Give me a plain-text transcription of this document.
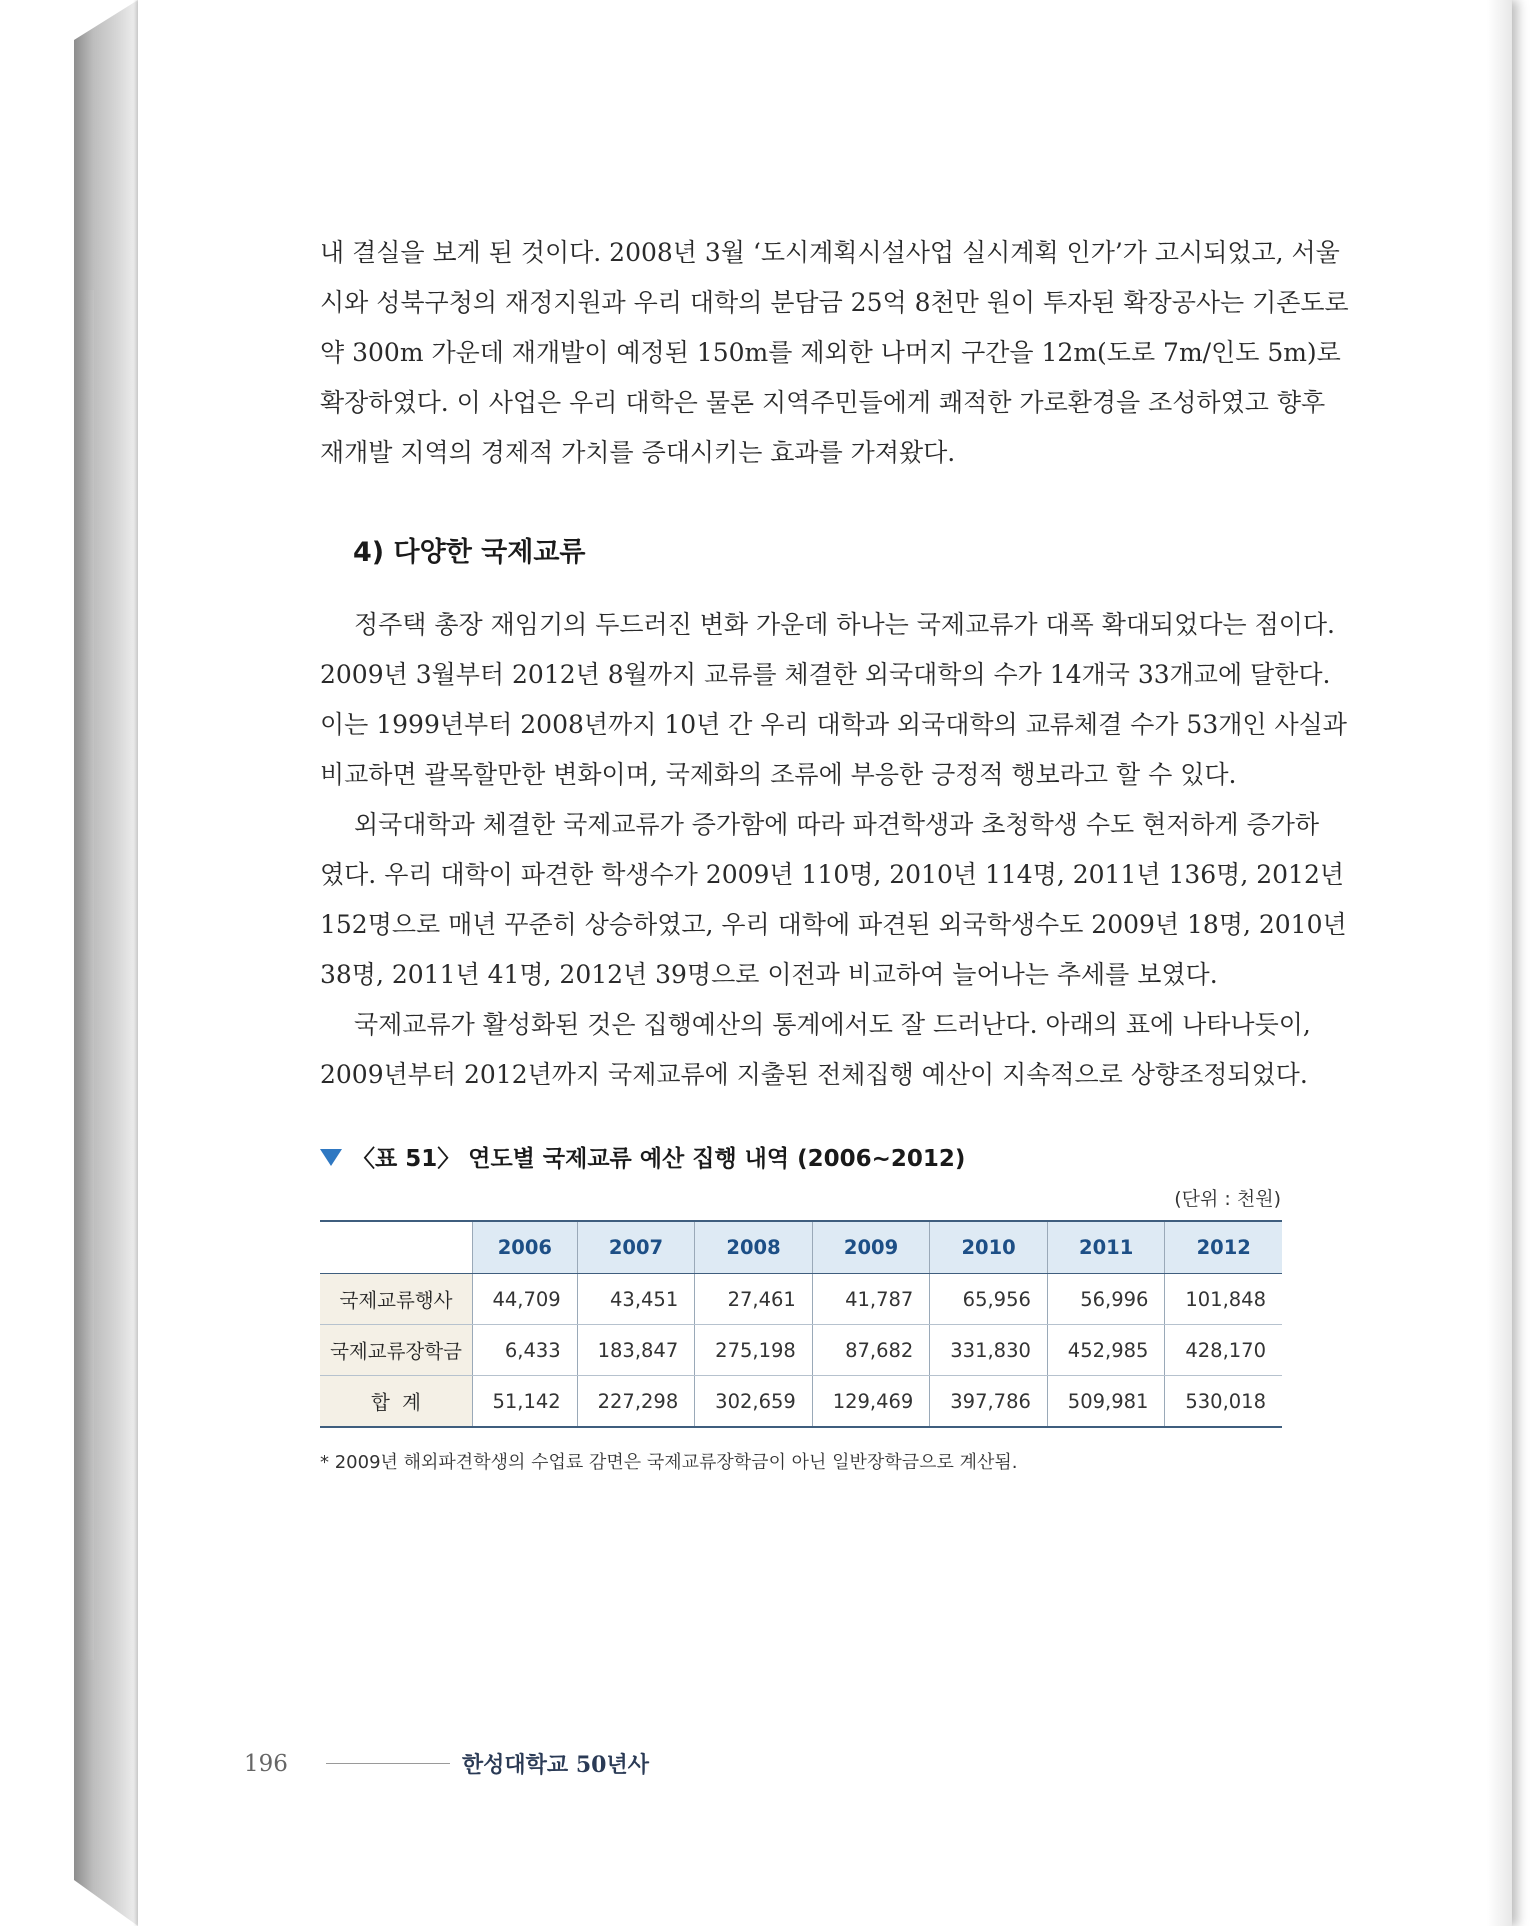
내 결실을 보게 된 것이다. 2008년 3월 ‘도시계획시설사업 실시계획 인가’가 고시되었고, 서울
시와 성북구청의 재정지원과 우리 대학의 분담금 25억 8천만 원이 투자된 확장공사는 기존도로
약 300m 가운데 재개발이 예정된 150m를 제외한 나머지 구간을 12m(도로 7m/인도 5m)로
확장하였다. 이 사업은 우리 대학은 물론 지역주민들에게 쾌적한 가로환경을 조성하였고 향후
재개발 지역의 경제적 가치를 증대시키는 효과를 가져왔다.
4) 다양한 국제교류
정주택 총장 재임기의 두드러진 변화 가운데 하나는 국제교류가 대폭 확대되었다는 점이다.
2009년 3월부터 2012년 8월까지 교류를 체결한 외국대학의 수가 14개국 33개교에 달한다.
이는 1999년부터 2008년까지 10년 간 우리 대학과 외국대학의 교류체결 수가 53개인 사실과
비교하면 괄목할만한 변화이며, 국제화의 조류에 부응한 긍정적 행보라고 할 수 있다.
외국대학과 체결한 국제교류가 증가함에 따라 파견학생과 초청학생 수도 현저하게 증가하
였다. 우리 대학이 파견한 학생수가 2009년 110명, 2010년 114명, 2011년 136명, 2012년
152명으로 매년 꾸준히 상승하였고, 우리 대학에 파견된 외국학생수도 2009년 18명, 2010년
38명, 2011년 41명, 2012년 39명으로 이전과 비교하여 늘어나는 추세를 보였다.
국제교류가 활성화된 것은 집행예산의 통계에서도 잘 드러난다. 아래의 표에 나타나듯이,
2009년부터 2012년까지 국제교류에 지출된 전체집행 예산이 지속적으로 상향조정되었다.
〈표 51〉 연도별 국제교류 예산 집행 내역 (2006~2012)
(단위 : 천원)
	2006	2007	2008	2009	2010	2011	2012
국제교류행사	44,709	43,451	27,461	41,787	65,956	56,996	101,848
국제교류장학금	6,433	183,847	275,198	87,682	331,830	452,985	428,170
합  계	51,142	227,298	302,659	129,469	397,786	509,981	530,018
* 2009년 해외파견학생의 수업료 감면은 국제교류장학금이 아닌 일반장학금으로 계산됨.
196	한성대학교 50년사
